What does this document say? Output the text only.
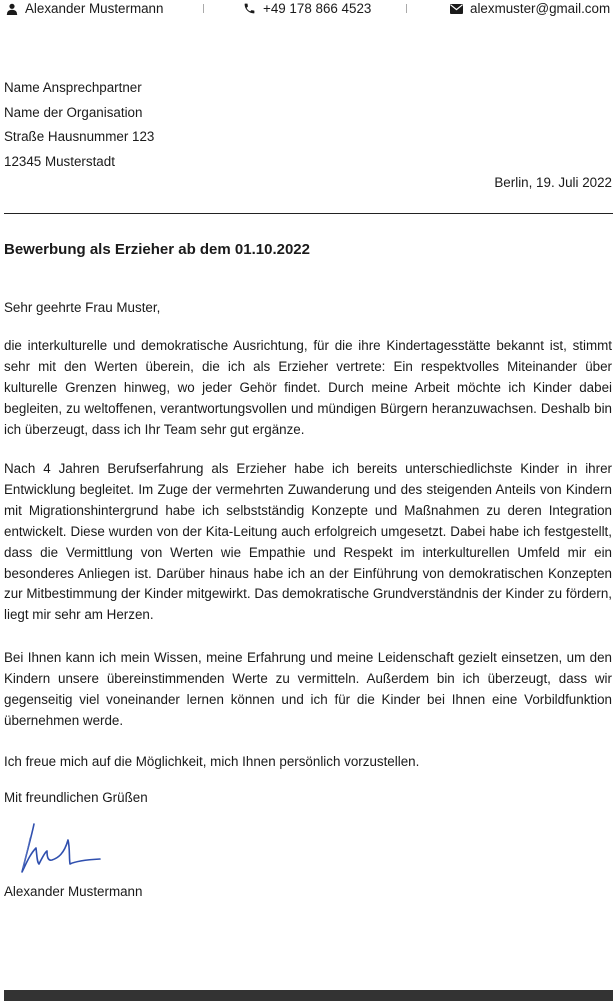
Alexander Mustermann	+49 178 866 4523	alexmuster@gmail.com
Name Ansprechpartner
Name der Organisation
Straße Hausnummer 123
12345 Musterstadt
Berlin, 19. Juli 2022
Bewerbung als Erzieher ab dem 01.10.2022
Sehr geehrte Frau Muster,

die interkulturelle und demokratische Ausrichtung, für die ihre Kindertagesstätte bekannt ist, stimmt sehr mit den Werten überein, die ich als Erzieher vertrete: Ein respektvolles Miteinander über kulturelle Grenzen hinweg, wo jeder Gehör findet. Durch meine Arbeit möchte ich Kinder dabei begleiten, zu weltoffenen, verantwortungsvollen und mündigen Bürgern heranzuwachsen. Deshalb bin ich überzeugt, dass ich Ihr Team sehr gut ergänze.

Nach 4 Jahren Berufserfahrung als Erzieher habe ich bereits unterschiedlichste Kinder in ihrer Entwicklung begleitet. Im Zuge der vermehrten Zuwanderung und des steigenden Anteils von Kindern mit Migrationshintergrund habe ich selbstständig Konzepte und Maßnahmen zu deren Integration entwickelt. Diese wurden von der Kita-Leitung auch erfolgreich umgesetzt. Dabei habe ich festgestellt, dass die Vermittlung von Werten wie Empathie und Respekt im interkulturellen Umfeld mir ein besonderes Anliegen ist. Darüber hinaus habe ich an der Einführung von demokratischen Konzepten zur Mitbestimmung der Kinder mitgewirkt. Das demokratische Grundverständnis der Kinder zu fördern, liegt mir sehr am Herzen.

Bei Ihnen kann ich mein Wissen, meine Erfahrung und meine Leidenschaft gezielt einsetzen, um den Kindern unsere übereinstimmenden Werte zu vermitteln. Außerdem bin ich überzeugt, dass wir gegenseitig viel voneinander lernen können und ich für die Kinder bei Ihnen eine Vorbildfunktion übernehmen werde.

Ich freue mich auf die Möglichkeit, mich Ihnen persönlich vorzustellen.

Mit freundlichen Grüßen
Alexander Mustermann
